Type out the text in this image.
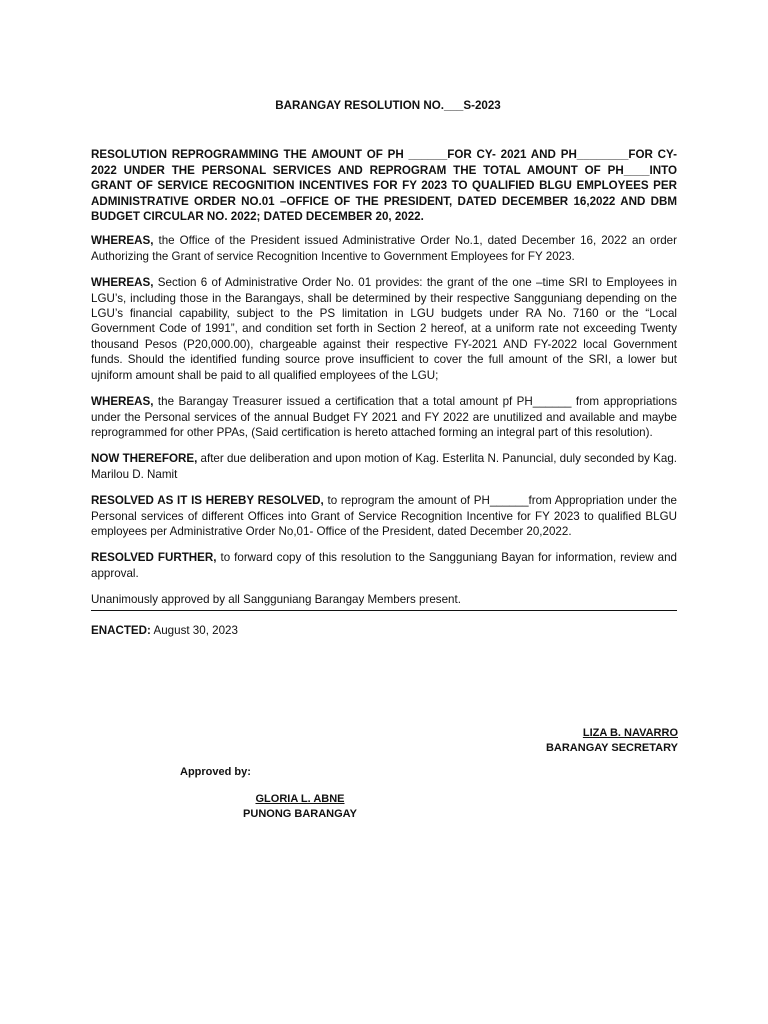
BARANGAY RESOLUTION NO.___S-2023
RESOLUTION REPROGRAMMING THE AMOUNT OF PH ______FOR CY- 2021 AND PH________FOR CY-2022 UNDER THE PERSONAL SERVICES AND REPROGRAM THE TOTAL AMOUNT OF PH____INTO GRANT OF SERVICE RECOGNITION INCENTIVES FOR FY 2023 TO QUALIFIED BLGU EMPLOYEES PER ADMINISTRATIVE ORDER NO.01 –OFFICE OF THE PRESIDENT, DATED DECEMBER 16,2022 AND DBM BUDGET CIRCULAR NO. 2022; DATED DECEMBER 20, 2022.

WHEREAS, the Office of the President issued Administrative Order No.1, dated December 16, 2022 an order Authorizing the Grant of service Recognition Incentive to Government Employees for FY 2023.

WHEREAS, Section 6 of Administrative Order No. 01 provides: the grant of the one –time SRI to Employees in LGU’s, including those in the Barangays, shall be determined by their respective Sangguniang depending on the LGU’s financial capability, subject to the PS limitation in LGU budgets under RA No. 7160 or the “Local Government Code of 1991”, and condition set forth in Section 2 hereof, at a uniform rate not exceeding Twenty thousand Pesos (P20,000.00), chargeable against their respective FY-2021 AND FY-2022 local Government funds. Should the identified funding source prove insufficient to cover the full amount of the SRI, a lower but ujniform amount shall be paid to all qualified employees of the LGU;

WHEREAS, the Barangay Treasurer issued a certification that a total amount pf PH______ from appropriations under the Personal services of the annual Budget FY 2021 and FY 2022 are unutilized and available and maybe reprogrammed for other PPAs, (Said certification is hereto attached forming an integral part of this resolution).

NOW THEREFORE, after due deliberation and upon motion of Kag. Esterlita N. Panuncial, duly seconded by Kag. Marilou D. Namit

RESOLVED AS IT IS HEREBY RESOLVED, to reprogram the amount of PH______from Appropriation under the Personal services of different Offices into Grant of Service Recognition Incentive for FY 2023 to qualified BLGU employees per Administrative Order No,01- Office of the President, dated December 20,2022.

RESOLVED FURTHER, to forward copy of this resolution to the Sangguniang Bayan for information, review and approval.

Unanimously approved by all Sangguniang Barangay Members present.

ENACTED: August 30, 2023

LIZA B. NAVARRO
BARANGAY SECRETARY
Approved by:
GLORIA L. ABNE
PUNONG BARANGAY
